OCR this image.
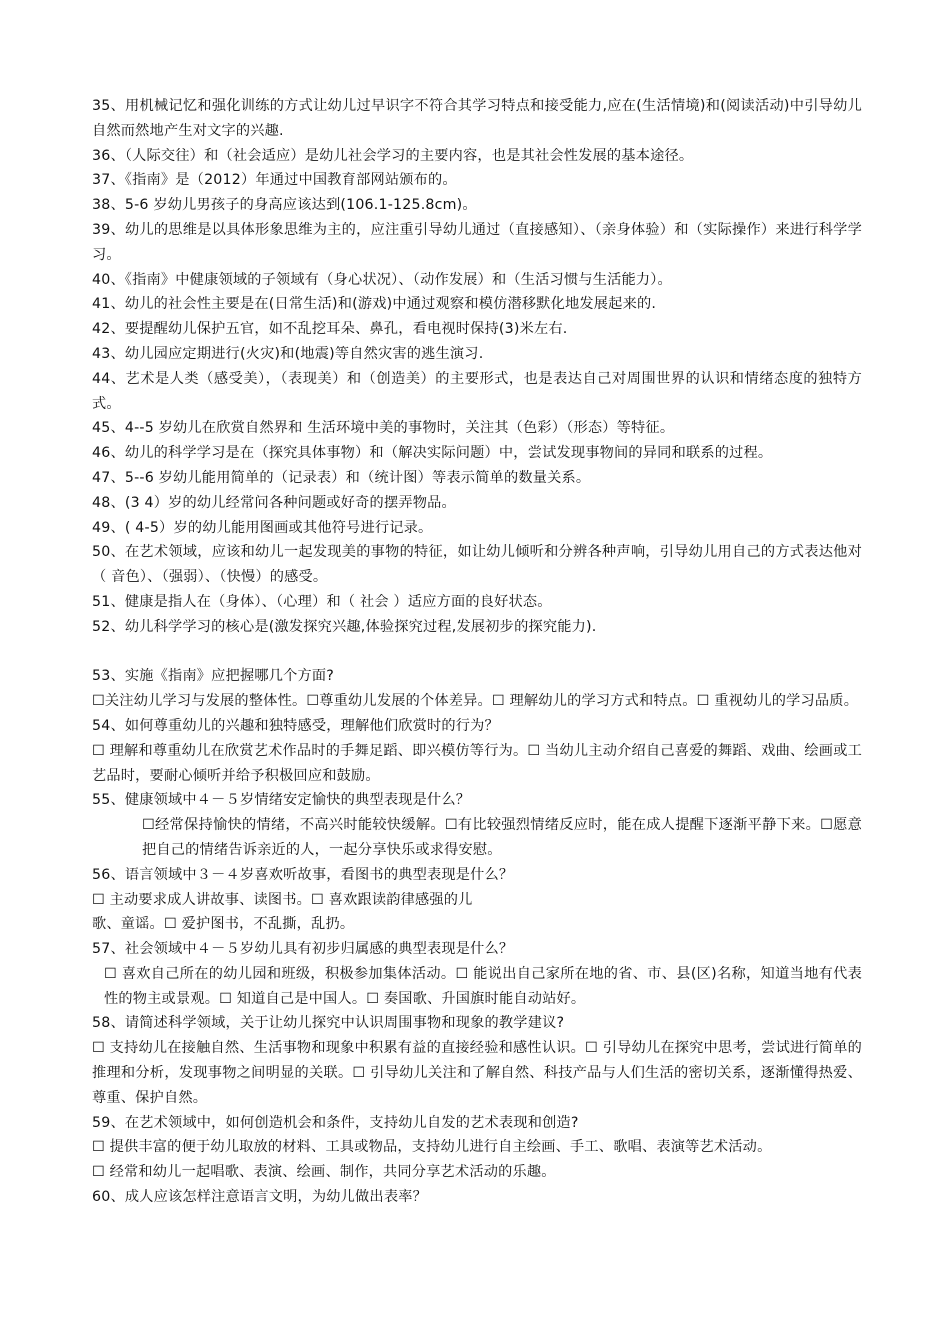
35、用机械记忆和强化训练的方式让幼儿过早识字不符合其学习特点和接受能力,应在(生活情境)和(阅读活动)中引导幼儿自然而然地产生对文字的兴趣.

36、（人际交往）和（社会适应）是幼儿社会学习的主要内容，也是其社会性发展的基本途径。

37、《指南》是（2012）年通过中国教育部网站颁布的。

38、5-6 岁幼儿男孩子的身高应该达到(106.1-125.8cm)。

39、幼儿的思维是以具体形象思维为主的，应注重引导幼儿通过（直接感知）、（亲身体验）和（实际操作）来进行科学学习。

40、《指南》中健康领域的子领域有（身心状况）、（动作发展）和（生活习惯与生活能力）。

41、幼儿的社会性主要是在(日常生活)和(游戏)中通过观察和模仿潜移默化地发展起来的.

42、要提醒幼儿保护五官，如不乱挖耳朵、鼻孔，看电视时保持(3)米左右.

43、幼儿园应定期进行(火灾)和(地震)等自然灾害的逃生演习.

44、艺术是人类（感受美），（表现美）和（创造美）的主要形式，也是表达自己对周围世界的认识和情绪态度的独特方式。

45、4--5 岁幼儿在欣赏自然界和 生活环境中美的事物时，关注其（色彩）（形态）等特征。

46、幼儿的科学学习是在（探究具体事物）和（解决实际问题）中，尝试发现事物间的异同和联系的过程。

47、5--6 岁幼儿能用简单的（记录表）和（统计图）等表示简单的数量关系。

48、(3 4）岁的幼儿经常问各种问题或好奇的摆弄物品。

49、( 4-5）岁的幼儿能用图画或其他符号进行记录。

50、在艺术领域，应该和幼儿一起发现美的事物的特征，如让幼儿倾听和分辨各种声响，引导幼儿用自己的方式表达他对（ 音色）、（强弱）、（快慢）的感受。

51、健康是指人在（身体）、（心理）和（ 社会 ）适应方面的良好状态。

52、幼儿科学学习的核心是(激发探究兴趣,体验探究过程,发展初步的探究能力).

53、实施《指南》应把握哪几个方面?

☐关注幼儿学习与发展的整体性。☐尊重幼儿发展的个体差异。☐ 理解幼儿的学习方式和特点。☐ 重视幼儿的学习品质。

54、如何尊重幼儿的兴趣和独特感受，理解他们欣赏时的行为？

☐ 理解和尊重幼儿在欣赏艺术作品时的手舞足蹈、即兴模仿等行为。☐ 当幼儿主动介绍自己喜爱的舞蹈、戏曲、绘画或工艺品时，要耐心倾听并给予积极回应和鼓励。

55、健康领域中４－５岁情绪安定愉快的典型表现是什么？

☐经常保持愉快的情绪，不高兴时能较快缓解。☐有比较强烈情绪反应时，能在成人提醒下逐渐平静下来。☐愿意把自己的情绪告诉亲近的人，一起分享快乐或求得安慰。

56、语言领域中３－４岁喜欢听故事，看图书的典型表现是什么？

☐ 主动要求成人讲故事、读图书。☐ 喜欢跟读韵律感强的儿

歌、童谣。☐ 爱护图书，不乱撕，乱扔。

57、社会领域中４－５岁幼儿具有初步归属感的典型表现是什么？

☐ 喜欢自己所在的幼儿园和班级，积极参加集体活动。☐ 能说出自己家所在地的省、市、县(区)名称，知道当地有代表性的物主或景观。☐ 知道自己是中国人。☐ 奏国歌、升国旗时能自动站好。

58、请简述科学领域，关于让幼儿探究中认识周围事物和现象的教学建议?

☐ 支持幼儿在接触自然、生活事物和现象中积累有益的直接经验和感性认识。☐ 引导幼儿在探究中思考，尝试进行简单的推理和分析，发现事物之间明显的关联。☐ 引导幼儿关注和了解自然、科技产品与人们生活的密切关系，逐渐懂得热爱、尊重、保护自然。

59、在艺术领域中，如何创造机会和条件，支持幼儿自发的艺术表现和创造?

☐ 提供丰富的便于幼儿取放的材料、工具或物品，支持幼儿进行自主绘画、手工、歌唱、表演等艺术活动。

☐ 经常和幼儿一起唱歌、表演、绘画、制作，共同分享艺术活动的乐趣。

60、成人应该怎样注意语言文明，为幼儿做出表率？
